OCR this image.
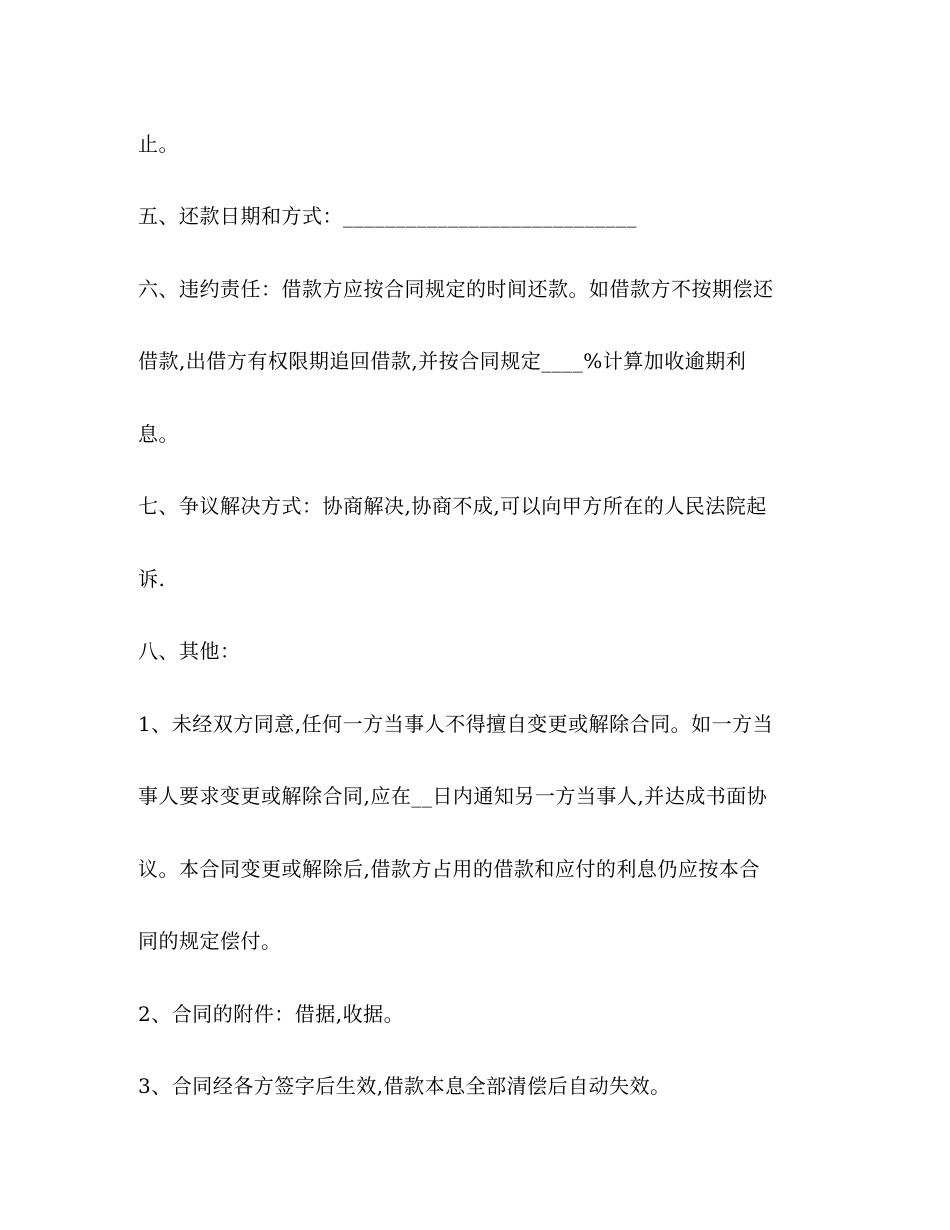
止。
五、还款日期和方式：____________________________
六、违约责任：借款方应按合同规定的时间还款。如借款方不按期偿还
借款,出借方有权限期追回借款,并按合同规定____%计算加收逾期利
息。
七、争议解决方式：协商解决,协商不成,可以向甲方所在的人民法院起
诉.
八、其他：
1、未经双方同意,任何一方当事人不得擅自变更或解除合同。如一方当
事人要求变更或解除合同,应在__日内通知另一方当事人,并达成书面协
议。本合同变更或解除后,借款方占用的借款和应付的利息仍应按本合
同的规定偿付。
2、合同的附件：借据,收据。
3、合同经各方签字后生效,借款本息全部清偿后自动失效。
